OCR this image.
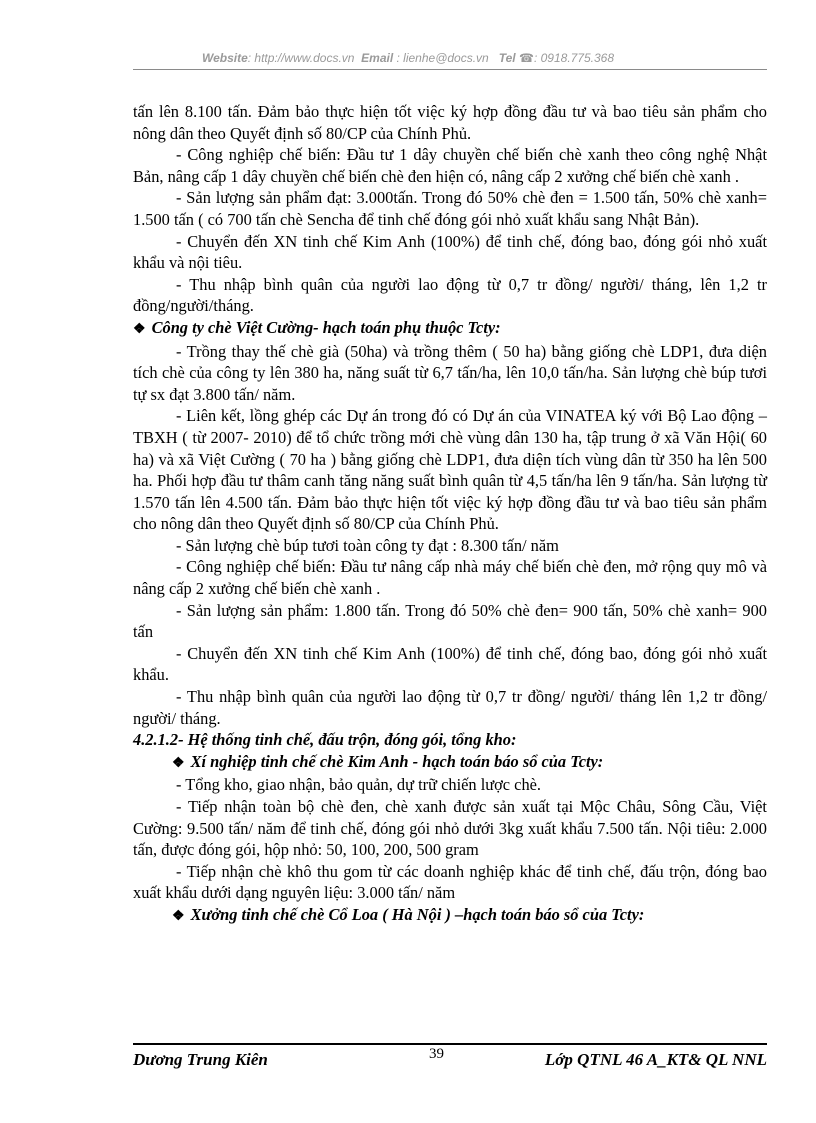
Website: http://www.docs.vn Email : lienhe@docs.vn Tel ☎: 0918.775.368

tấn lên 8.100 tấn. Đảm bảo thực hiện tốt việc ký hợp đồng đầu tư và bao tiêu sản phẩm cho nông dân theo Quyết định số 80/CP của Chính Phủ.

- Công nghiệp chế biến: Đầu tư 1 dây chuyền chế biến chè xanh theo công nghệ Nhật Bản, nâng cấp 1 dây chuyền chế biến chè đen hiện có, nâng cấp 2 xưởng chế biến chè xanh .

- Sản lượng sản phẩm đạt: 3.000tấn. Trong đó 50% chè đen = 1.500 tấn, 50% chè xanh= 1.500 tấn ( có 700 tấn chè Sencha để tinh chế đóng gói nhỏ xuất khẩu sang Nhật Bản).

- Chuyển đến XN tinh chế Kim Anh (100%) để tinh chế, đóng bao, đóng gói nhỏ xuất khẩu và nội tiêu.

- Thu nhập bình quân của người lao động từ 0,7 tr đồng/ người/ tháng, lên 1,2 tr đồng/người/tháng.

❖ Công ty chè Việt Cường- hạch toán phụ thuộc Tcty:

- Trồng thay thế chè già (50ha) và trồng thêm ( 50 ha) bằng giống chè LDP1, đưa diện tích chè của công ty lên 380 ha, năng suất từ 6,7 tấn/ha, lên 10,0 tấn/ha. Sản lượng chè búp tươi tự sx đạt 3.800 tấn/ năm.

- Liên kết, lồng ghép các Dự án trong đó có Dự án của VINATEA ký với Bộ Lao động – TBXH ( từ 2007- 2010) để tổ chức trồng mới chè vùng dân 130 ha, tập trung ở xã Văn Hội( 60 ha) và xã Việt Cường ( 70 ha ) bằng giống chè LDP1, đưa diện tích vùng dân từ 350 ha lên 500 ha. Phối hợp đầu tư thâm canh tăng năng suất bình quân từ 4,5 tấn/ha lên 9 tấn/ha. Sản lượng từ 1.570 tấn lên 4.500 tấn. Đảm bảo thực hiện tốt việc ký hợp đồng đầu tư và bao tiêu sản phẩm cho nông dân theo Quyết định số 80/CP của Chính Phủ.

- Sản lượng chè búp tươi toàn công ty đạt : 8.300 tấn/ năm

- Công nghiệp chế biến: Đầu tư nâng cấp nhà máy chế biến chè đen, mở rộng quy mô và nâng cấp 2 xưởng chế biến chè xanh .

- Sản lượng sản phẩm: 1.800 tấn. Trong đó 50% chè đen= 900 tấn, 50% chè xanh= 900 tấn

- Chuyển đến XN tinh chế Kim Anh (100%) để tinh chế, đóng bao, đóng gói nhỏ xuất khẩu.

- Thu nhập bình quân của người lao động từ 0,7 tr đồng/ người/ tháng lên 1,2 tr đồng/ người/ tháng.

4.2.1.2- Hệ thống tinh chế, đấu trộn, đóng gói, tổng kho:

❖ Xí nghiệp tinh chế chè Kim Anh - hạch toán báo sổ của Tcty:

- Tổng kho, giao nhận, bảo quản, dự trữ chiến lược chè.

- Tiếp nhận toàn bộ chè đen, chè xanh được sản xuất tại Mộc Châu, Sông Cầu, Việt Cường: 9.500 tấn/ năm để tinh chế, đóng gói nhỏ dưới 3kg xuất khẩu 7.500 tấn. Nội tiêu: 2.000 tấn, được đóng gói, hộp nhỏ: 50, 100, 200, 500 gram

- Tiếp nhận chè khô thu gom từ các doanh nghiệp khác để tinh chế, đấu trộn, đóng bao xuất khẩu dưới dạng nguyên liệu: 3.000 tấn/ năm

❖ Xưởng tinh chế chè Cổ Loa ( Hà Nội ) –hạch toán báo sổ của Tcty:

Dương Trung Kiên	39	Lớp QTNL 46 A_KT& QL NNL
